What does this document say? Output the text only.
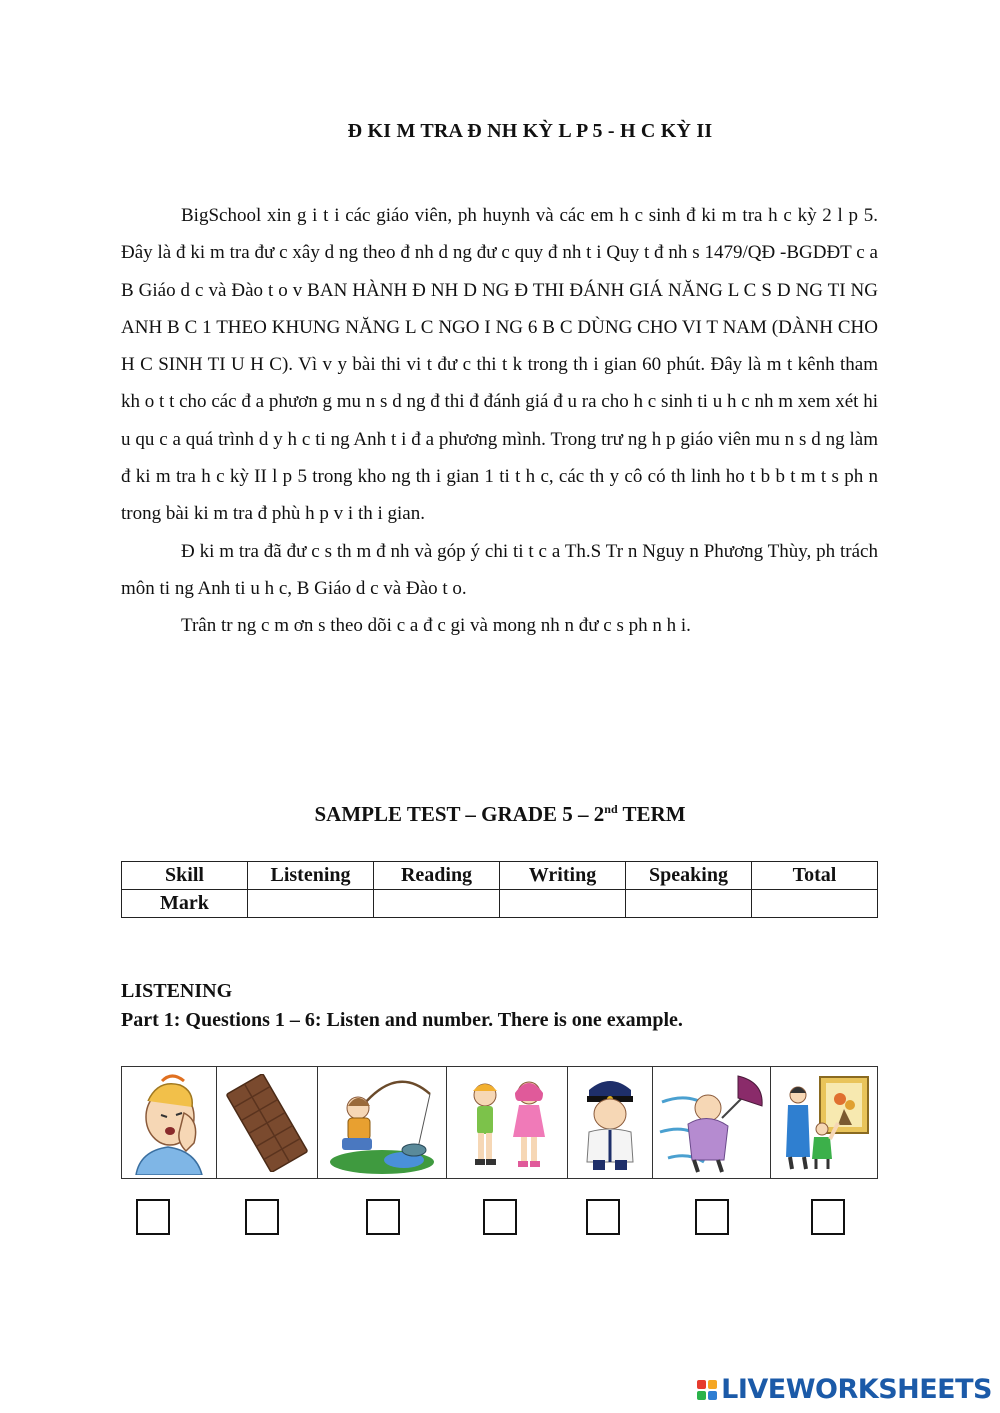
Đ KI M TRA Đ NH KỲ L P 5 - H C KỲ II

BigSchool xin g i t i các giáo viên, ph huynh và các em h c sinh đ ki m tra h c kỳ 2 l p 5. Đây là đ ki m tra đư c xây d ng theo đ nh d ng đư c quy đ nh t i Quy t đ nh s 1479/QĐ -BGDĐT c a B Giáo d c và Đào t o v BAN HÀNH Đ NH D NG Đ THI ĐÁNH GIÁ NĂNG L C S D NG TI NG ANH B C 1 THEO KHUNG NĂNG L C NGO I NG 6 B C DÙNG CHO VI T NAM (DÀNH CHO H C SINH TI U H C). Vì v y bài thi vi t đư c thi t k trong th i gian 60 phút. Đây là m t kênh tham kh o t t cho các đ a phươn g mu n s d ng đ thi đ đánh giá đ u ra cho h c sinh ti u h c nh m xem xét hi u qu c a quá trình d y h c ti ng Anh t i đ a phương mình. Trong trư ng h p giáo viên mu n s d ng làm đ ki m tra h c kỳ II l p 5 trong kho ng th i gian 1 ti t h c, các th y cô có th linh ho t b b t m t s ph n trong bài ki m tra đ phù h p v i th i gian.

Đ ki m tra đã đư c s th m đ nh và góp ý chi ti t c a Th.S Tr n Nguy n Phương Thùy, ph trách môn ti ng Anh ti u h c, B Giáo d c và Đào t o.

Trân tr ng c m ơn s theo dõi c a đ c gi và mong nh n đư c s ph n h i.

SAMPLE TEST – GRADE 5 – 2nd TERM
Skill	Listening	Reading	Writing	Speaking	Total
Mark					
LISTENING
Part 1: Questions 1 – 6: Listen and number. There is one example.
LIVEWORKSHEETS
